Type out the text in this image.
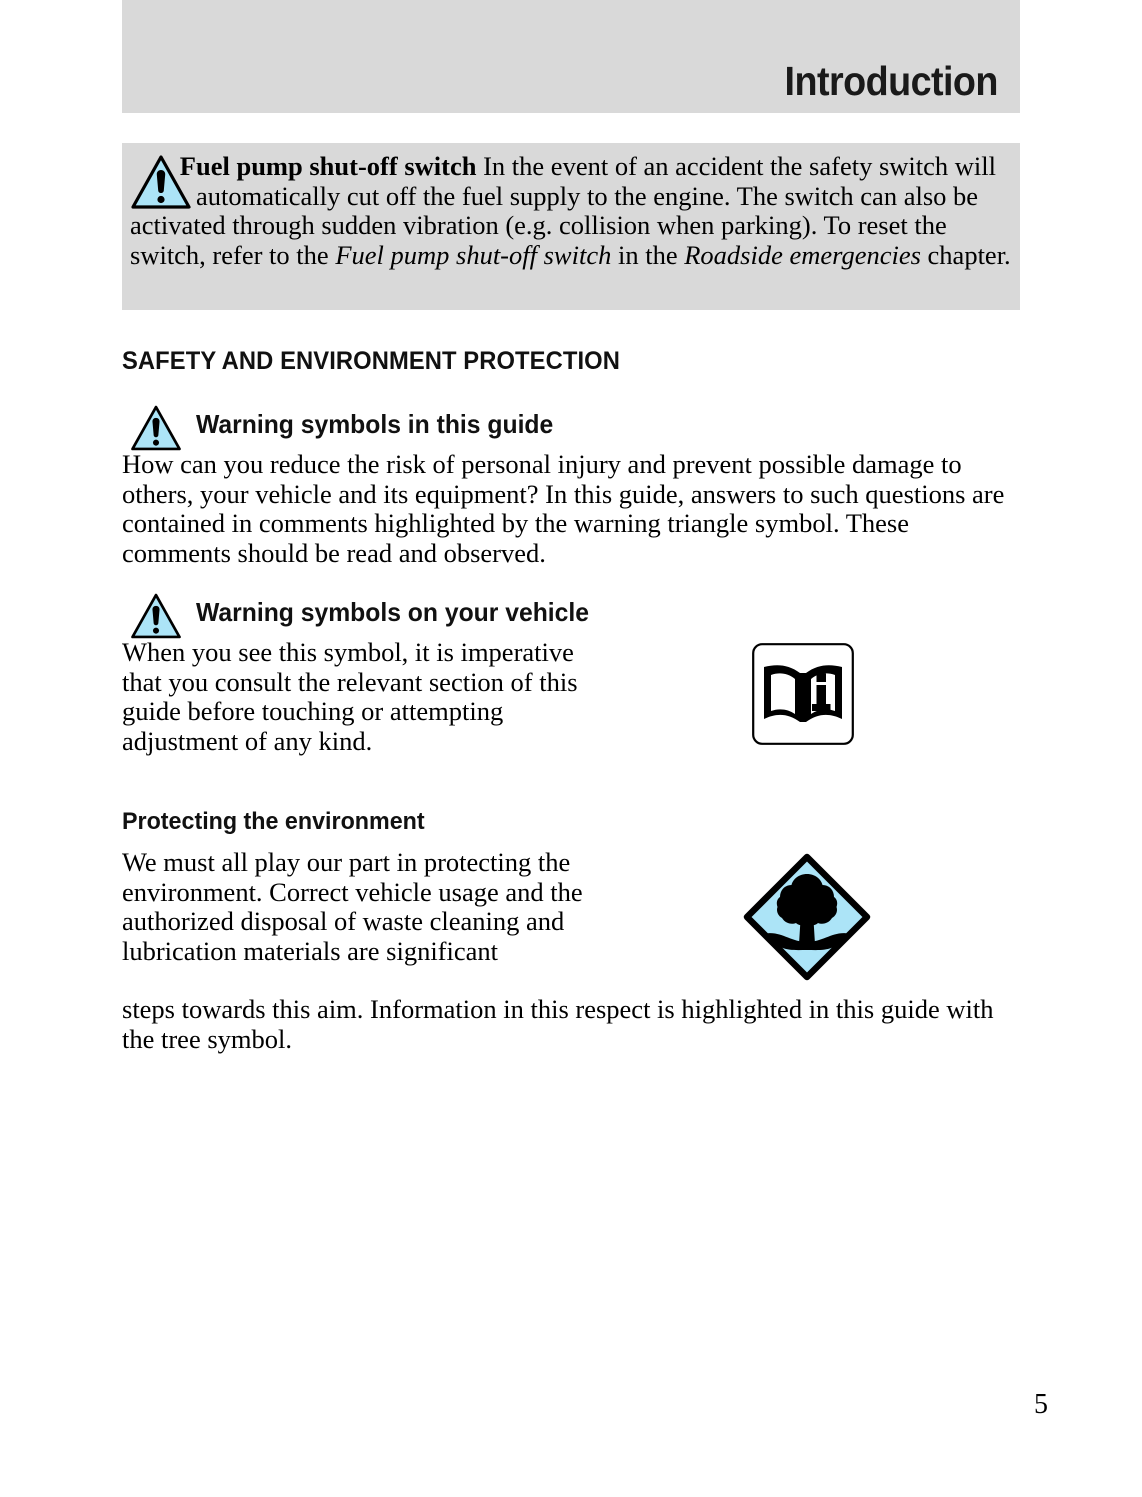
Introduction
Fuel pump shut-off switch In the event of an accident the safety switch will automatically cut off the fuel supply to the engine. The switch can also be activated through sudden vibration (e.g. collision when parking). To reset the switch, refer to the Fuel pump shut-off switch in the Roadside emergencies chapter.
SAFETY AND ENVIRONMENT PROTECTION
Warning symbols in this guide
How can you reduce the risk of personal injury and prevent possible damage to others, your vehicle and its equipment? In this guide, answers to such questions are contained in comments highlighted by the warning triangle symbol. These comments should be read and observed.
Warning symbols on your vehicle
When you see this symbol, it is imperative that you consult the relevant section of this guide before touching or attempting adjustment of any kind.
Protecting the environment
We must all play our part in protecting the environment. Correct vehicle usage and the authorized disposal of waste cleaning and lubrication materials are significant
steps towards this aim. Information in this respect is highlighted in this guide with the tree symbol.
5
